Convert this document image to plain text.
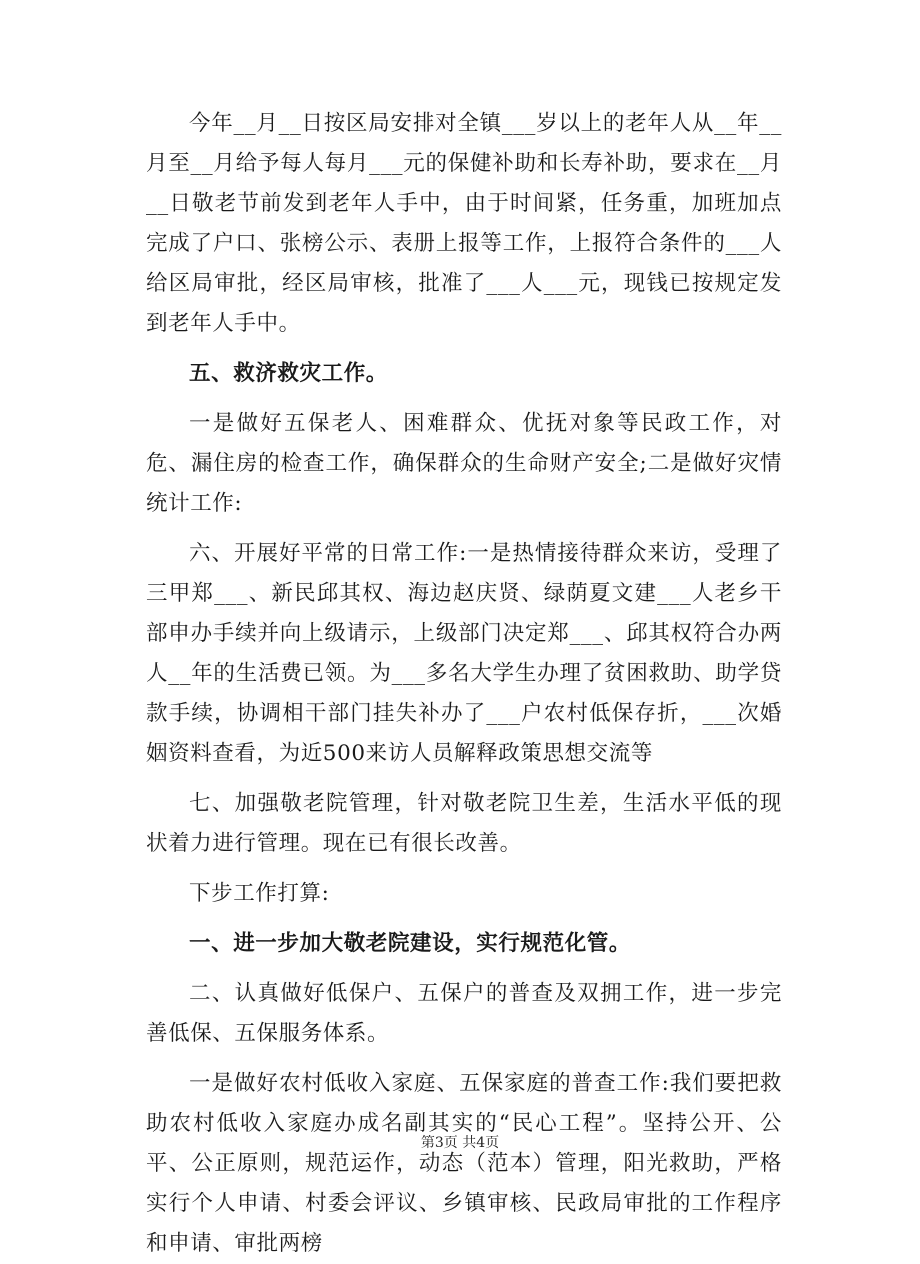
今年__月__日按区局安排对全镇___岁以上的老年人从__年__月至__月给予每人每月___元的保健补助和长寿补助，要求在__月__日敬老节前发到老年人手中，由于时间紧，任务重，加班加点完成了户口、张榜公示、表册上报等工作，上报符合条件的___人给区局审批，经区局审核，批准了___人___元，现钱已按规定发到老年人手中。

五、救济救灾工作。

一是做好五保老人、困难群众、优抚对象等民政工作，对危、漏住房的检查工作，确保群众的生命财产安全;二是做好灾情统计工作:

六、开展好平常的日常工作:一是热情接待群众来访，受理了三甲郑___、新民邱其权、海边赵庆贤、绿荫夏文建___人老乡干部申办手续并向上级请示，上级部门决定郑___、邱其权符合办两人__年的生活费已领。为___多名大学生办理了贫困救助、助学贷款手续，协调相干部门挂失补办了___户农村低保存折，___次婚姻资料查看，为近500来访人员解释政策思想交流等

七、加强敬老院管理，针对敬老院卫生差，生活水平低的现状着力进行管理。现在已有很长改善。

下步工作打算:

一、进一步加大敬老院建设，实行规范化管。

二、认真做好低保户、五保户的普查及双拥工作，进一步完善低保、五保服务体系。

一是做好农村低收入家庭、五保家庭的普查工作:我们要把救助农村低收入家庭办成名副其实的“民心工程”。坚持公开、公平、公正原则，规范运作，动态（范本）管理，阳光救助，严格实行个人申请、村委会评议、乡镇审核、民政局审批的工作程序和申请、审批两榜

第3页 共4页
